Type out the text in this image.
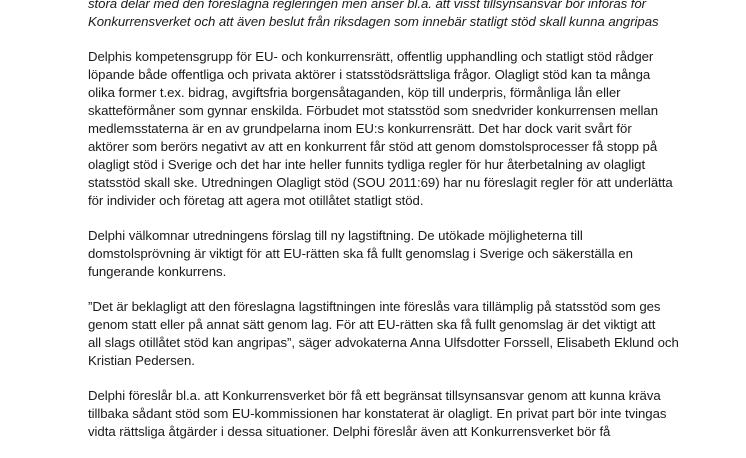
stora delar med den föreslagna regleringen men anser bl.a. att visst tillsynsansvar bör införas för
Konkurrensverket och att även beslut från riksdagen som innebär statligt stöd skall kunna angripas
Delphis kompetensgrupp för EU- och konkurrensrätt, offentlig upphandling och statligt stöd rådger
löpande både offentliga och privata aktörer i statsstödsrättsliga frågor. Olagligt stöd kan ta många
olika former t.ex. bidrag, avgiftsfria borgensåtaganden, köp till underpris, förmånliga lån eller
skatteförmåner som gynnar enskilda. Förbudet mot statsstöd som snedvrider konkurrensen mellan
medlemsstaterna är en av grundpelarna inom EU:s konkurrensrätt. Det har dock varit svårt för
aktörer som berörs negativt av att en konkurrent får stöd att genom domstolsprocesser få stopp på
olagligt stöd i Sverige och det har inte heller funnits tydliga regler för hur återbetalning av olagligt
statsstöd skall ske. Utredningen Olagligt stöd (SOU 2011:69) har nu föreslagit regler för att underlätta
för individer och företag att agera mot otillåtet statligt stöd.
Delphi välkomnar utredningens förslag till ny lagstiftning. De utökade möjligheterna till
domstolsprövning är viktigt för att EU-rätten ska få fullt genomslag i Sverige och säkerställa en
fungerande konkurrens.
”Det är beklagligt att den föreslagna lagstiftningen inte föreslås vara tillämplig på statsstöd som ges
genom statt eller på annat sätt genom lag. För att EU-rätten ska få fullt genomslag är det viktigt att
all slags otillåtet stöd kan angripas”, säger advokaterna Anna Ulfsdotter Forssell, Elisabeth Eklund och
Kristian Pedersen.
Delphi föreslår bl.a. att Konkurrensverket bör få ett begränsat tillsynsansvar genom att kunna kräva
tillbaka sådant stöd som EU-kommissionen har konstaterat är olagligt. En privat part bör inte tvingas
vidta rättsliga åtgärder i dessa situationer. Delphi föreslår även att Konkurrensverket bör få
